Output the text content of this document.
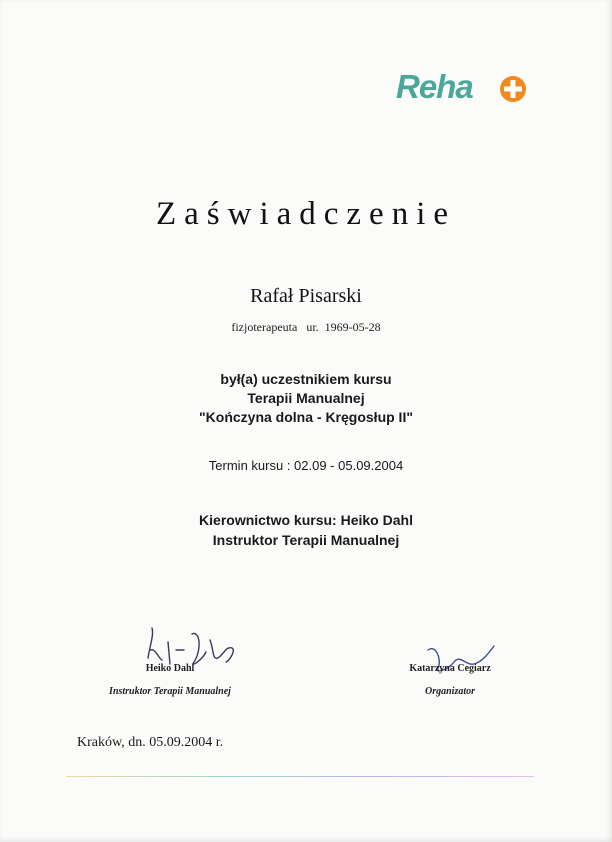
Reha
Zaświadczenie
Rafał Pisarski
fizjoterapeuta ur. 1969-05-28
był(a) uczestnikiem kursu
Terapii Manualnej
"Kończyna dolna - Kręgosłup II"
Termin kursu : 02.09 - 05.09.2004
Kierownictwo kursu: Heiko Dahl
Instruktor Terapii Manualnej
Heiko Dahl
Instruktor Terapii Manualnej
Katarzyna Cegiarz
Organizator
Kraków, dn. 05.09.2004 r.
